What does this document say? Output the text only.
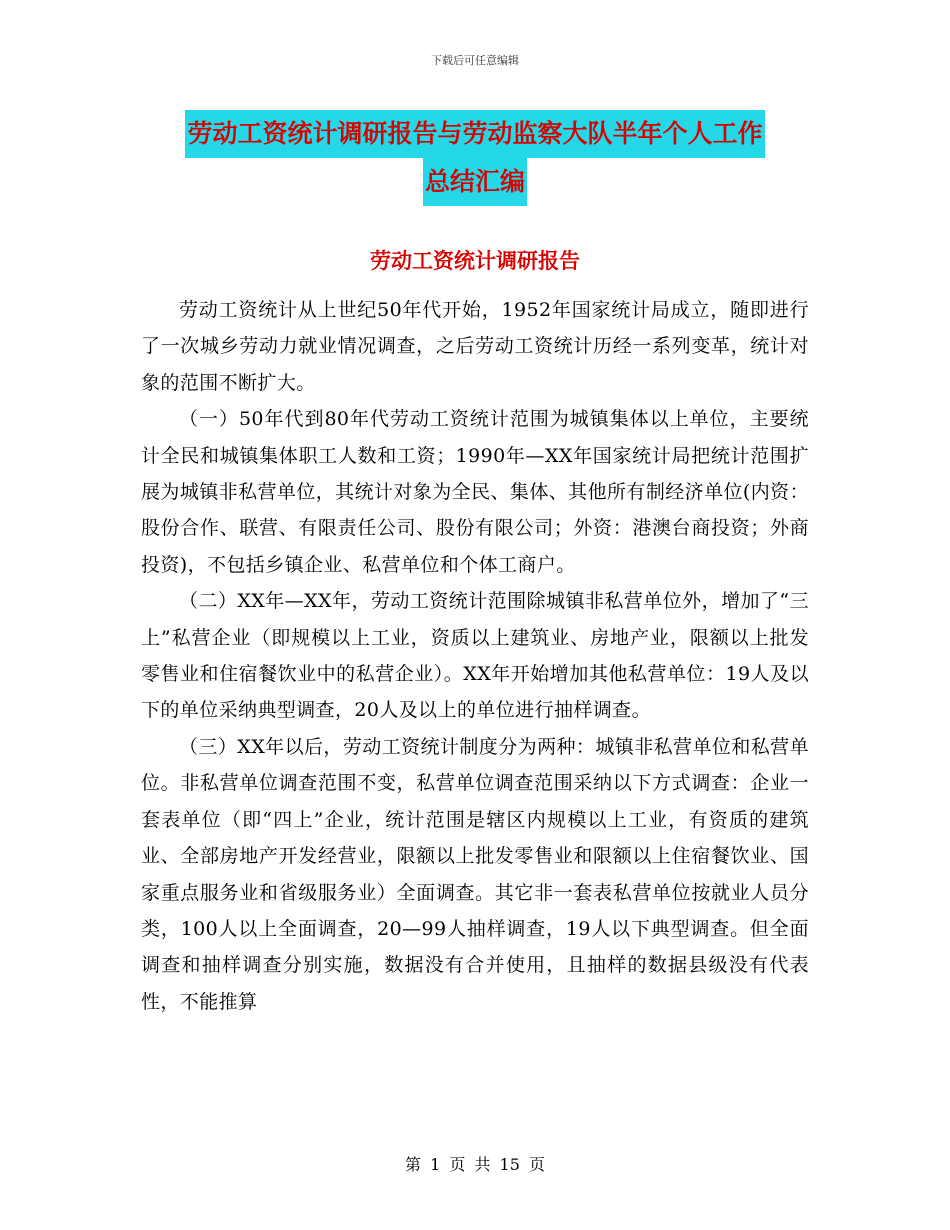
下载后可任意编辑
劳动工资统计调研报告与劳动监察大队半年个人工作
总结汇编
劳动工资统计调研报告

劳动工资统计从上世纪50年代开始，1952年国家统计局成立，随即进行了一次城乡劳动力就业情况调查，之后劳动工资统计历经一系列变革，统计对象的范围不断扩大。

（一）50年代到80年代劳动工资统计范围为城镇集体以上单位，主要统计全民和城镇集体职工人数和工资；1990年—XX年国家统计局把统计范围扩展为城镇非私营单位，其统计对象为全民、集体、其他所有制经济单位(内资：股份合作、联营、有限责任公司、股份有限公司；外资：港澳台商投资；外商投资)，不包括乡镇企业、私营单位和个体工商户。

（二）XX年—XX年，劳动工资统计范围除城镇非私营单位外，增加了“三上”私营企业（即规模以上工业，资质以上建筑业、房地产业，限额以上批发零售业和住宿餐饮业中的私营企业）。XX年开始增加其他私营单位：19人及以下的单位采纳典型调查，20人及以上的单位进行抽样调查。

（三）XX年以后，劳动工资统计制度分为两种：城镇非私营单位和私营单位。非私营单位调查范围不变，私营单位调查范围采纳以下方式调查：企业一套表单位（即“四上”企业，统计范围是辖区内规模以上工业，有资质的建筑业、全部房地产开发经营业，限额以上批发零售业和限额以上住宿餐饮业、国家重点服务业和省级服务业）全面调查。其它非一套表私营单位按就业人员分类，100人以上全面调查，20—99人抽样调查，19人以下典型调查。但全面调查和抽样调查分别实施，数据没有合并使用，且抽样的数据县级没有代表性，不能推算

第 1 页 共 15 页
